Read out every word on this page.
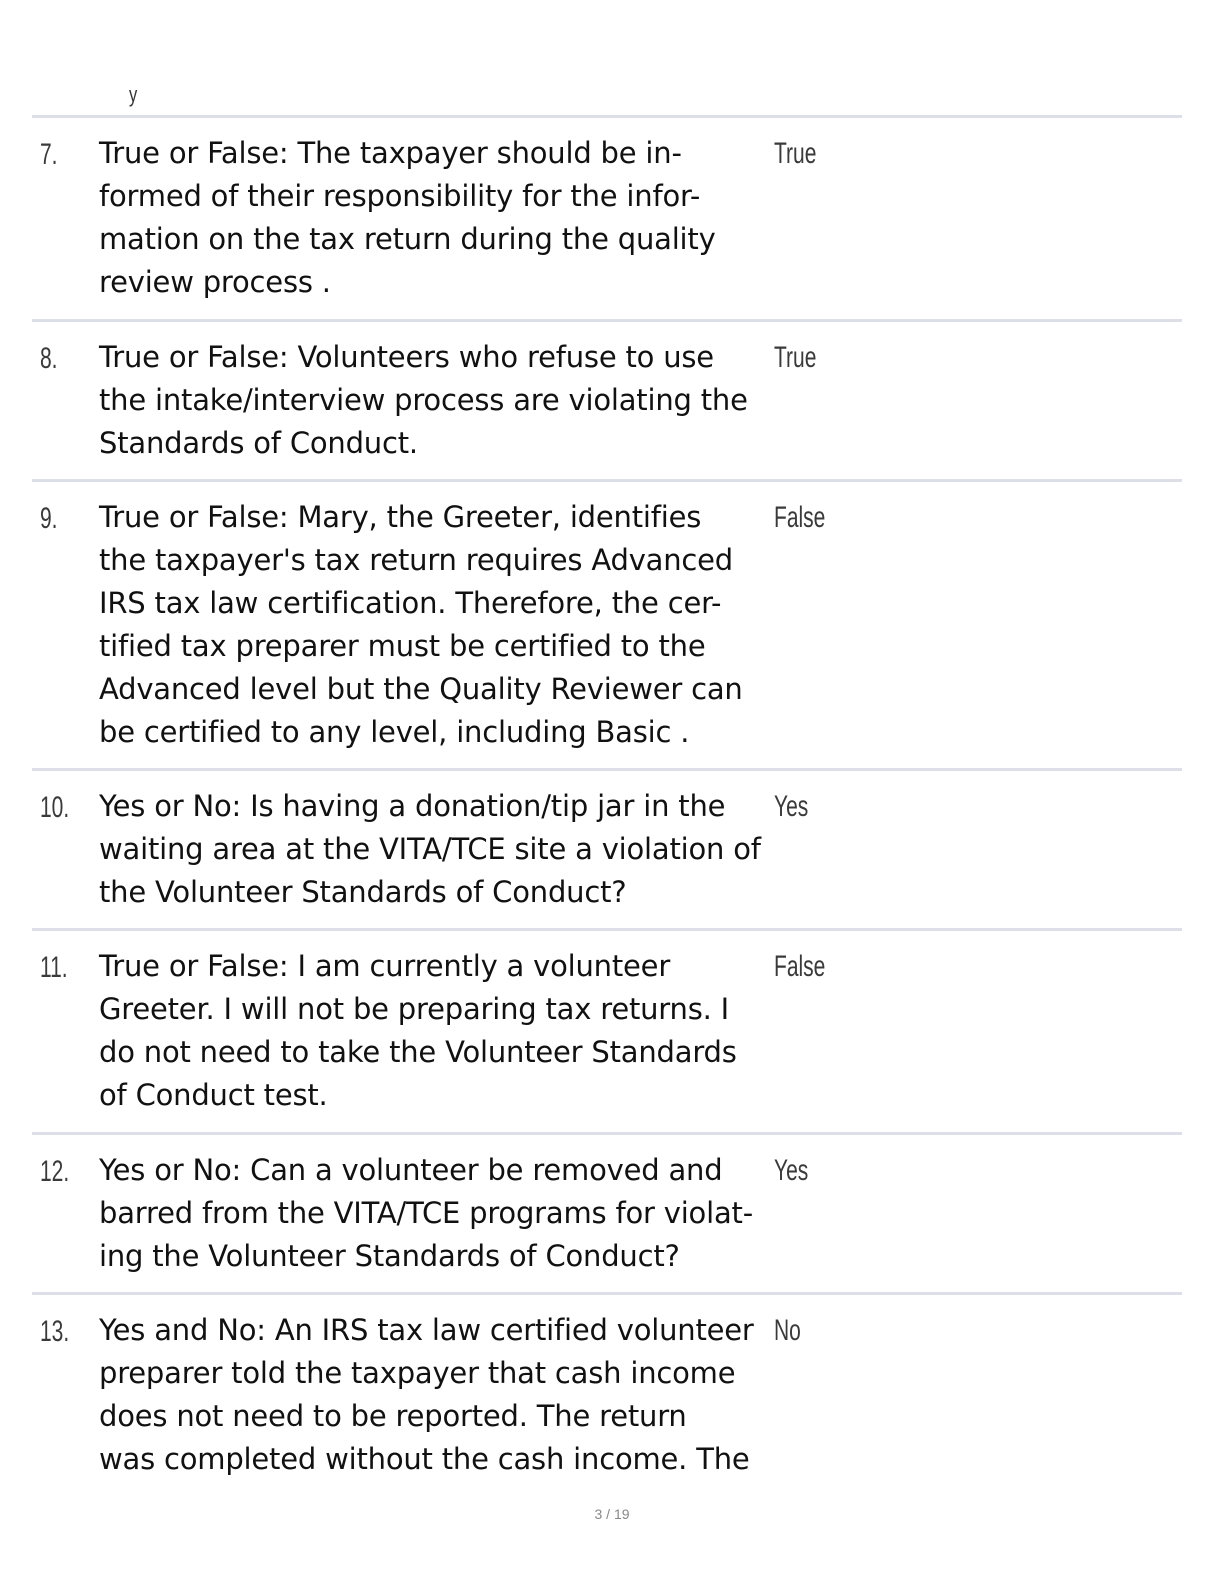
y
7. True or False: The taxpayer should be in-
formed of their responsibility for the infor-
mation on the tax return during the quality
review process .
True
8. True or False: Volunteers who refuse to use
the intake/interview process are violating the
Standards of Conduct.
True
9. True or False: Mary, the Greeter, identifies
the taxpayer's tax return requires Advanced
IRS tax law certification. Therefore, the cer-
tified tax preparer must be certified to the
Advanced level but the Quality Reviewer can
be certified to any level, including Basic .
False
10. Yes or No: Is having a donation/tip jar in the
waiting area at the VITA/TCE site a violation of
the Volunteer Standards of Conduct?
Yes
11. True or False: I am currently a volunteer
Greeter. I will not be preparing tax returns. I
do not need to take the Volunteer Standards
of Conduct test.
False
12. Yes or No: Can a volunteer be removed and
barred from the VITA/TCE programs for violat-
ing the Volunteer Standards of Conduct?
Yes
13. Yes and No: An IRS tax law certified volunteer
preparer told the taxpayer that cash income
does not need to be reported. The return
was completed without the cash income. The
No
3 / 19
